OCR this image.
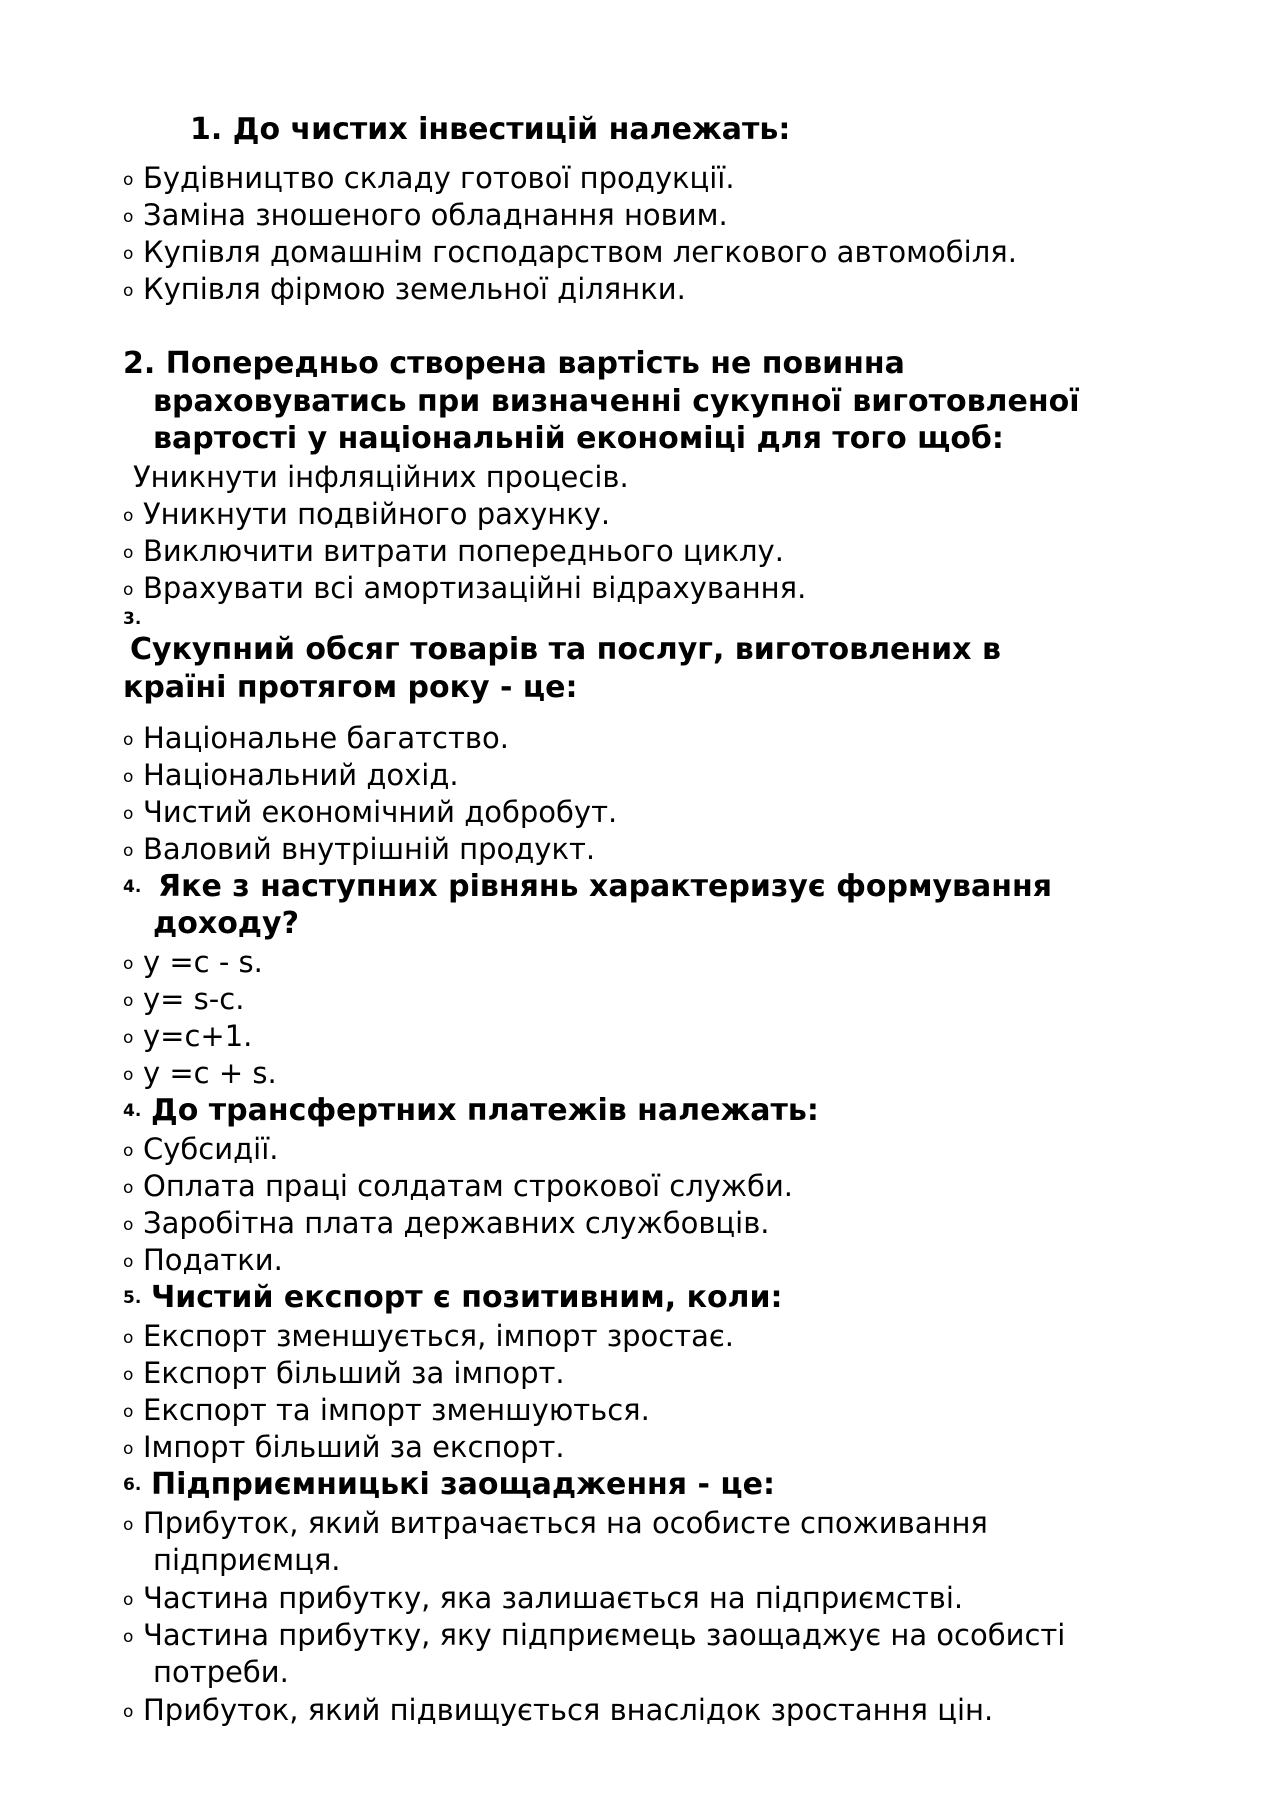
1. До чистих інвестицій належать:
o
Будівництво складу готової продукції.
o
Заміна зношеного обладнання новим.
o
Купівля домашнім господарством легкового автомобіля.
o
Купівля фірмою земельної ділянки.
2. Попередньо створена вартість не повинна
враховуватись при визначенні сукупної виготовленої
вартості у національній економіці для того щоб:
Уникнути інфляційних процесів.
o
Уникнути подвійного рахунку.
o
Виключити витрати попереднього циклу.
o
Врахувати всі амортизаційні відрахування.
3.
Сукупний обсяг товарів та послуг, виготовлених в
країні протягом року - це:
o
Національне багатство.
o
Національний дохід.
o
Чистий економічний добробут.
o
Валовий внутрішній продукт.
4. Яке з наступних рівнянь характеризує формування
доходу?
o
y =c - s.
o
y= s-c.
o
y=c+1.
o
y =c + s.
4. До трансфертних платежів належать:
o
Субсидії.
o
Оплата праці солдатам строкової служби.
o
Заробітна плата державних службовців.
o
Податки.
5. Чистий експорт є позитивним, коли:
o
Експорт зменшується, імпорт зростає.
o
Експорт більший за імпорт.
o
Експорт та імпорт зменшуються.
o
Імпорт більший за експорт.
6. Підприємницькі заощадження - це:
o
Прибуток, який витрачається на особисте споживання
підприємця.
o
Частина прибутку, яка залишається на підприємстві.
o
Частина прибутку, яку підприємець заощаджує на особисті
потреби.
o
Прибуток, який підвищується внаслідок зростання цін.
